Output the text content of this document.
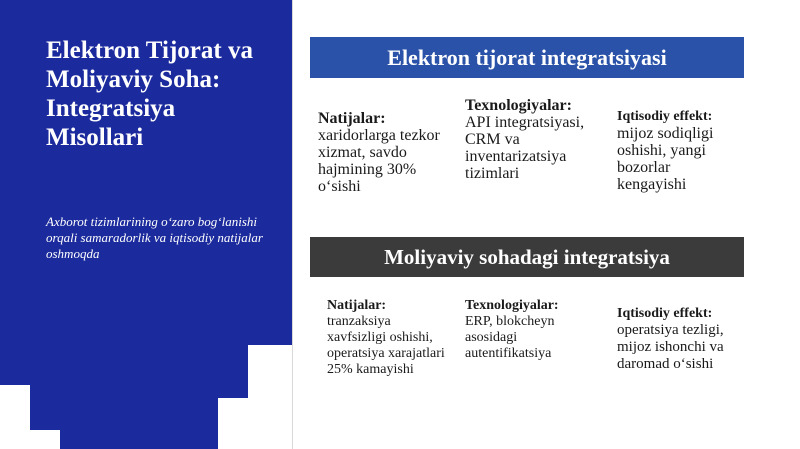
Elektron Tijorat va Moliyaviy Soha: Integratsiya Misollari

Axborot tizimlarining o‘zaro bog‘lanishi orqali samaradorlik va iqtisodiy natijalar oshmoqda

Elektron tijorat integratsiyasi
Natijalar:
xaridorlarga tezkor xizmat, savdo hajmining 30% o‘sishi
Texnologiyalar:
API integratsiyasi, CRM va inventarizatsiya tizimlari
Iqtisodiy effekt:
mijoz sodiqligi oshishi, yangi bozorlar kengayishi
Moliyaviy sohadagi integratsiya
Natijalar:
tranzaksiya xavfsizligi oshishi, operatsiya xarajatlari 25% kamayishi
Texnologiyalar:
ERP, blokcheyn asosidagi autentifikatsiya
Iqtisodiy effekt:
operatsiya tezligi, mijoz ishonchi va daromad o‘sishi
